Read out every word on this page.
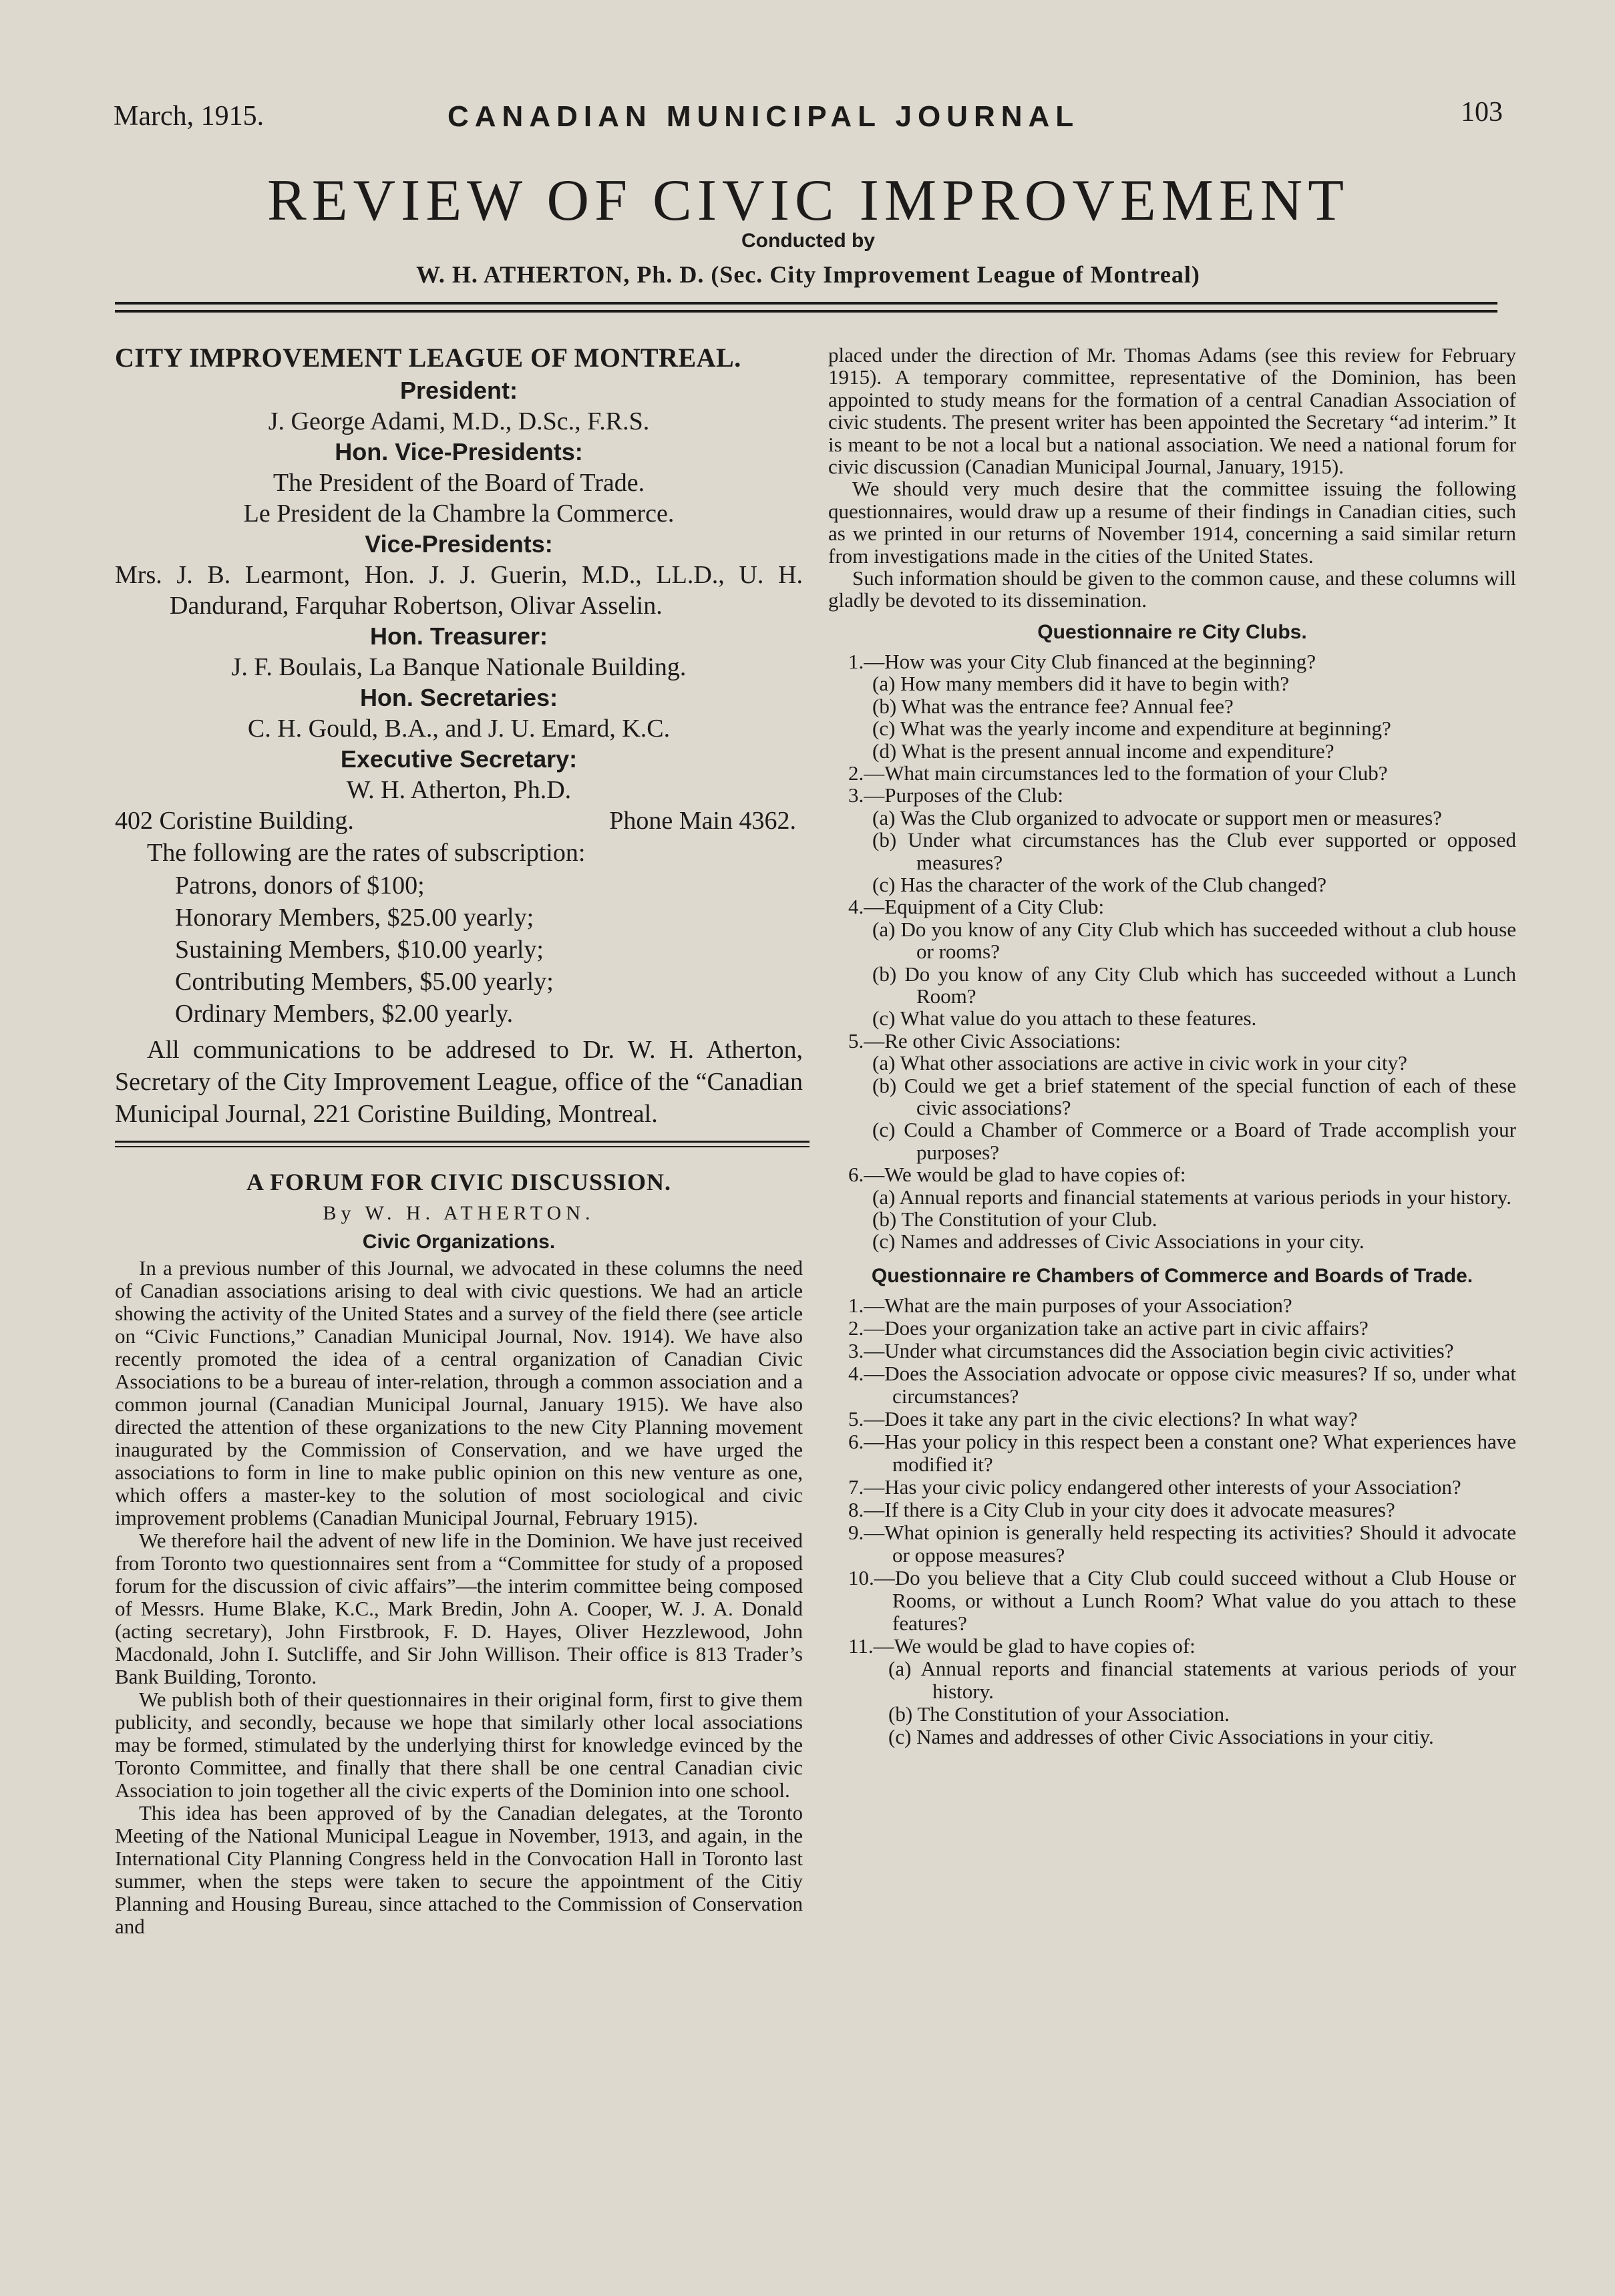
March, 1915.	CANADIAN MUNICIPAL JOURNAL	103
REVIEW OF CIVIC IMPROVEMENT
Conducted by
W. H. ATHERTON, Ph. D. (Sec. City Improvement League of Montreal)
CITY IMPROVEMENT LEAGUE OF MONTREAL.
President:
J. George Adami, M.D., D.Sc., F.R.S.
Hon. Vice-Presidents:
The President of the Board of Trade.
Le President de la Chambre la Commerce.
Vice-Presidents:
Mrs. J. B. Learmont, Hon. J. J. Guerin, M.D., LL.D., U. H. Dandurand, Farquhar Robertson, Olivar Asselin.
Hon. Treasurer:
J. F. Boulais, La Banque Nationale Building.
Hon. Secretaries:
C. H. Gould, B.A., and J. U. Emard, K.C.
Executive Secretary:
W. H. Atherton, Ph.D.
402 Coristine Building.	Phone Main 4362.
The following are the rates of subscription:
Patrons, donors of $100;
Honorary Members, $25.00 yearly;
Sustaining Members, $10.00 yearly;
Contributing Members, $5.00 yearly;
Ordinary Members, $2.00 yearly.
All communications to be addresed to Dr. W. H. Atherton, Secretary of the City Improvement League, office of the “Canadian Municipal Journal, 221 Coristine Building, Montreal.
A FORUM FOR CIVIC DISCUSSION.
By W. H. ATHERTON.
Civic Organizations.

In a previous number of this Journal, we advocated in these columns the need of Canadian associations arising to deal with civic questions. We had an article showing the activity of the United States and a survey of the field there (see article on “Civic Functions,” Canadian Municipal Journal, Nov. 1914). We have also recently promoted the idea of a central organization of Canadian Civic Associations to be a bureau of inter-relation, through a common association and a common journal (Canadian Municipal Journal, January 1915). We have also directed the attention of these organizations to the new City Planning movement inaugurated by the Commission of Conservation, and we have urged the associations to form in line to make public opinion on this new venture as one, which offers a master-key to the solution of most sociological and civic improvement problems (Canadian Municipal Journal, February 1915).

We therefore hail the advent of new life in the Dominion. We have just received from Toronto two questionnaires sent from a “Committee for study of a proposed forum for the discussion of civic affairs”—the interim committee being composed of Messrs. Hume Blake, K.C., Mark Bredin, John A. Cooper, W. J. A. Donald (acting secretary), John Firstbrook, F. D. Hayes, Oliver Hezzlewood, John Macdonald, John I. Sutcliffe, and Sir John Willison. Their office is 813 Trader’s Bank Building, Toronto.

We publish both of their questionnaires in their original form, first to give them publicity, and secondly, because we hope that similarly other local associations may be formed, stimulated by the underlying thirst for knowledge evinced by the Toronto Committee, and finally that there shall be one central Canadian civic Association to join together all the civic experts of the Dominion into one school.

This idea has been approved of by the Canadian delegates, at the Toronto Meeting of the National Municipal League in November, 1913, and again, in the International City Planning Congress held in the Convocation Hall in Toronto last summer, when the steps were taken to secure the appointment of the Citiy Planning and Housing Bureau, since attached to the Commission of Conservation and

placed under the direction of Mr. Thomas Adams (see this review for February 1915). A temporary committee, representative of the Dominion, has been appointed to study means for the formation of a central Canadian Association of civic students. The present writer has been appointed the Secretary “ad interim.” It is meant to be not a local but a national association. We need a national forum for civic discussion (Canadian Municipal Journal, January, 1915).

We should very much desire that the committee issuing the following questionnaires, would draw up a resume of their findings in Canadian cities, such as we printed in our returns of November 1914, concerning a said similar return from investigations made in the cities of the United States.

Such information should be given to the common cause, and these columns will gladly be devoted to its dissemination.

Questionnaire re City Clubs.
1.—How was your City Club financed at the beginning?
(a) How many members did it have to begin with?
(b) What was the entrance fee? Annual fee?
(c) What was the yearly income and expenditure at beginning?
(d) What is the present annual income and expenditure?
2.—What main circumstances led to the formation of your Club?
3.—Purposes of the Club:
(a) Was the Club organized to advocate or support men or measures?
(b) Under what circumstances has the Club ever supported or opposed measures?
(c) Has the character of the work of the Club changed?
4.—Equipment of a City Club:
(a) Do you know of any City Club which has succeeded without a club house or rooms?
(b) Do you know of any City Club which has succeeded without a Lunch Room?
(c) What value do you attach to these features.
5.—Re other Civic Associations:
(a) What other associations are active in civic work in your city?
(b) Could we get a brief statement of the special function of each of these civic associations?
(c) Could a Chamber of Commerce or a Board of Trade accomplish your purposes?
6.—We would be glad to have copies of:
(a) Annual reports and financial statements at various periods in your history.
(b) The Constitution of your Club.
(c) Names and addresses of Civic Associations in your city.
Questionnaire re Chambers of Commerce and Boards of Trade.
1.—What are the main purposes of your Association?
2.—Does your organization take an active part in civic affairs?
3.—Under what circumstances did the Association begin civic activities?
4.—Does the Association advocate or oppose civic measures? If so, under what circumstances?
5.—Does it take any part in the civic elections? In what way?
6.—Has your policy in this respect been a constant one? What experiences have modified it?
7.—Has your civic policy endangered other interests of your Association?
8.—If there is a City Club in your city does it advocate measures?
9.—What opinion is generally held respecting its activities? Should it advocate or oppose measures?
10.—Do you believe that a City Club could succeed without a Club House or Rooms, or without a Lunch Room? What value do you attach to these features?
11.—We would be glad to have copies of:
(a) Annual reports and financial statements at various periods of your history.
(b) The Constitution of your Association.
(c) Names and addresses of other Civic Associations in your citiy.
